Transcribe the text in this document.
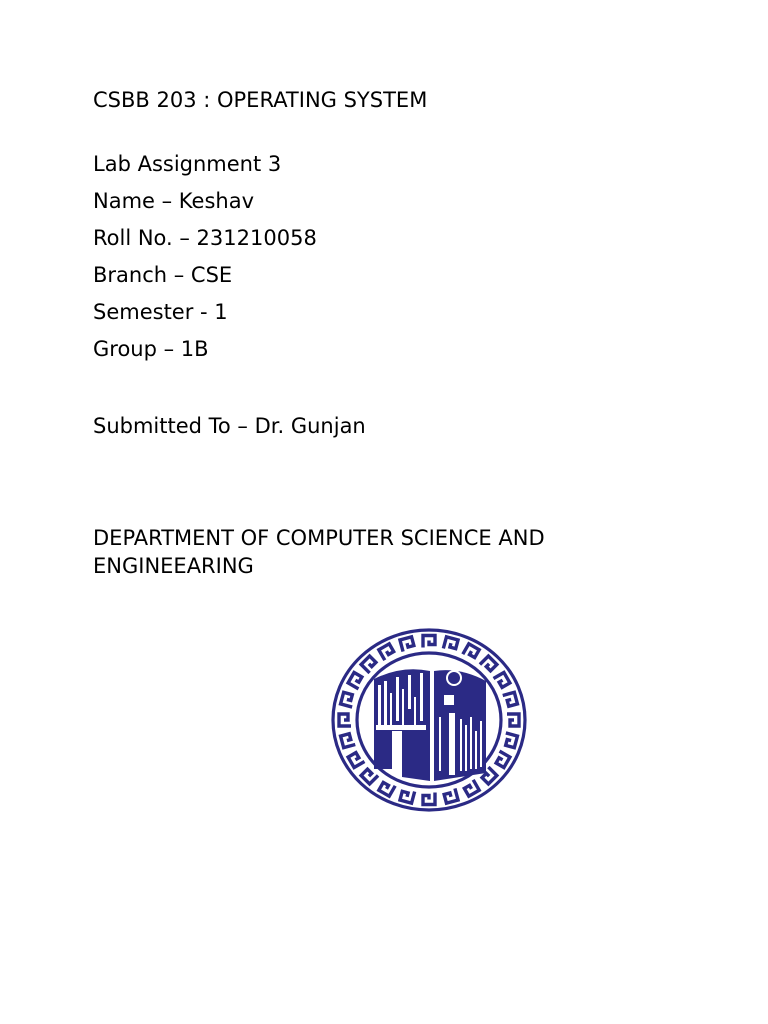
CSBB 203 : OPERATING SYSTEM

Lab Assignment 3

Name – Keshav

Roll No. – 231210058

Branch – CSE

Semester - 1

Group – 1B

Submitted To – Dr. Gunjan

DEPARTMENT OF COMPUTER SCIENCE AND ENGINEEARING
